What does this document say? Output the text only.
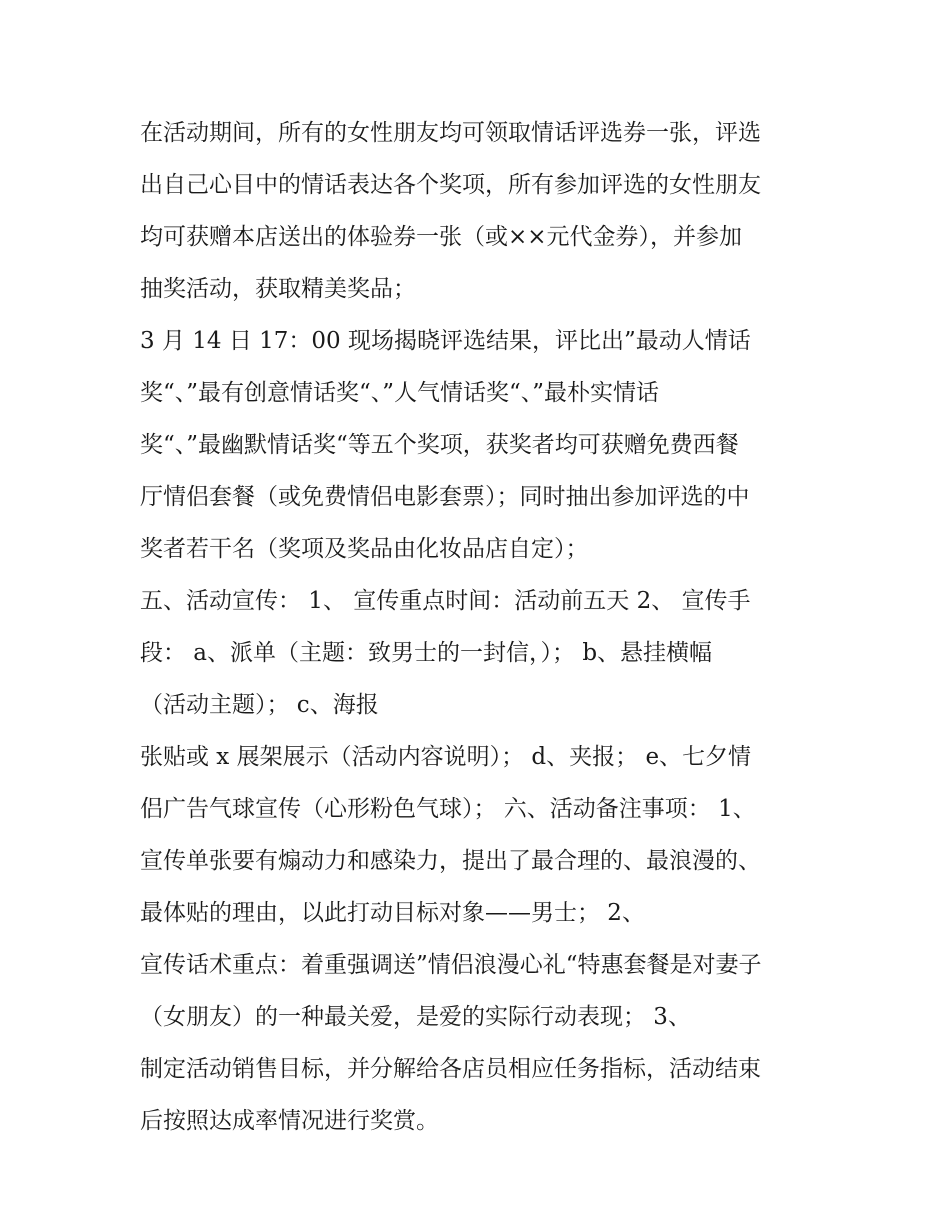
在活动期间，所有的女性朋友均可领取情话评选券一张，评选
出自己心目中的情话表达各个奖项，所有参加评选的女性朋友
均可获赠本店送出的体验券一张（或××元代金券），并参加
抽奖活动，获取精美奖品；
3 月 14 日 17：00 现场揭晓评选结果，评比出”最动人情话
奖“、”最有创意情话奖“、”人气情话奖“、”最朴实情话
奖“、”最幽默情话奖“等五个奖项，获奖者均可获赠免费西餐
厅情侣套餐（或免费情侣电影套票）；同时抽出参加评选的中
奖者若干名（奖项及奖品由化妆品店自定）；
五、活动宣传： 1、 宣传重点时间：活动前五天 2、 宣传手
段： a、派单（主题：致男士的一封信，）； b、悬挂横幅
（活动主题）； c、海报
张贴或 x 展架展示（活动内容说明）； d、夹报； e、七夕情
侣广告气球宣传（心形粉色气球）； 六、活动备注事项： 1、
宣传单张要有煽动力和感染力，提出了最合理的、最浪漫的、
最体贴的理由，以此打动目标对象——男士； 2、
宣传话术重点：着重强调送”情侣浪漫心礼“特惠套餐是对妻子
（女朋友）的一种最关爱，是爱的实际行动表现； 3、
制定活动销售目标，并分解给各店员相应任务指标，活动结束
后按照达成率情况进行奖赏。
